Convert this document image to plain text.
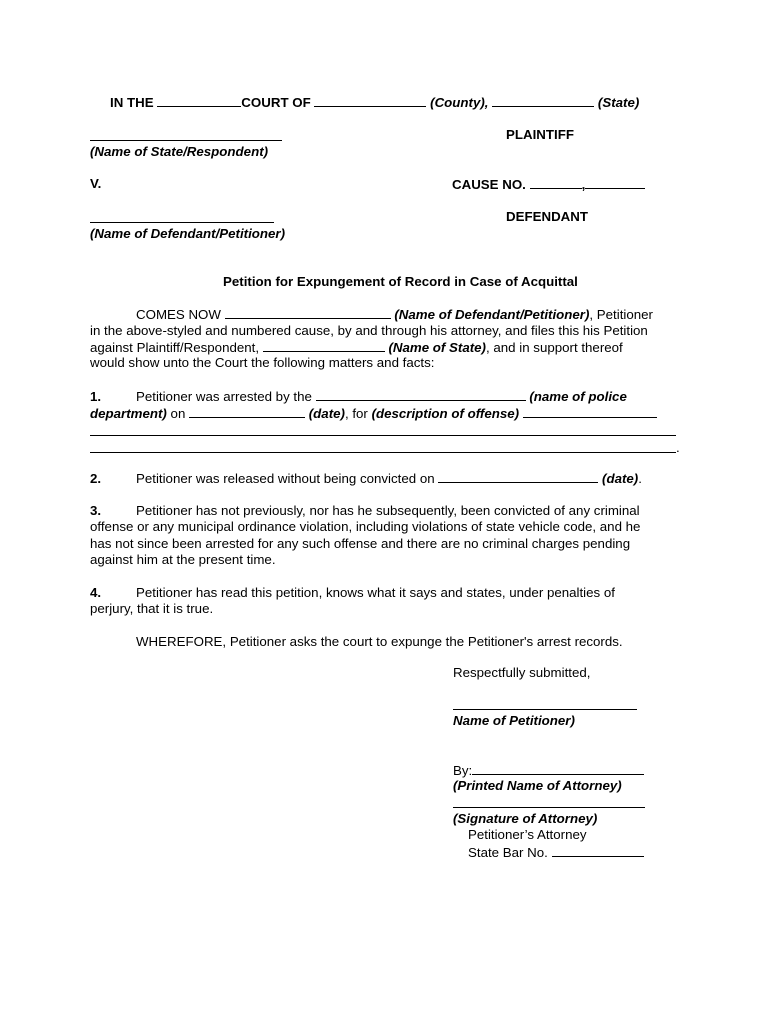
IN THE	COURT OF	(County),	(State)
PLAINTIFF
(Name of State/Respondent)
V.	CAUSE NO.	,
DEFENDANT
(Name of Defendant/Petitioner)
Petition for Expungement of Record in Case of Acquittal
COMES NOW	(Name of Defendant/Petitioner), Petitioner
in the above-styled and numbered cause, by and through his attorney, and files this his Petition
against Plaintiff/Respondent,	(Name of State), and in support thereof
would show unto the Court the following matters and facts:
1.	Petitioner was arrested by the	(name of police
department) on	(date), for (description of offense)
.
2.	Petitioner was released without being convicted on	(date).
3.	Petitioner has not previously, nor has he subsequently, been convicted of any criminal
offense or any municipal ordinance violation, including violations of state vehicle code, and he
has not since been arrested for any such offense and there are no criminal charges pending
against him at the present time.
4.	Petitioner has read this petition, knows what it says and states, under penalties of
perjury, that it is true.
WHEREFORE, Petitioner asks the court to expunge the Petitioner's arrest records.
Respectfully submitted,
Name of Petitioner)
By:
(Printed Name of Attorney)
(Signature of Attorney)
Petitioner’s Attorney
State Bar No.
